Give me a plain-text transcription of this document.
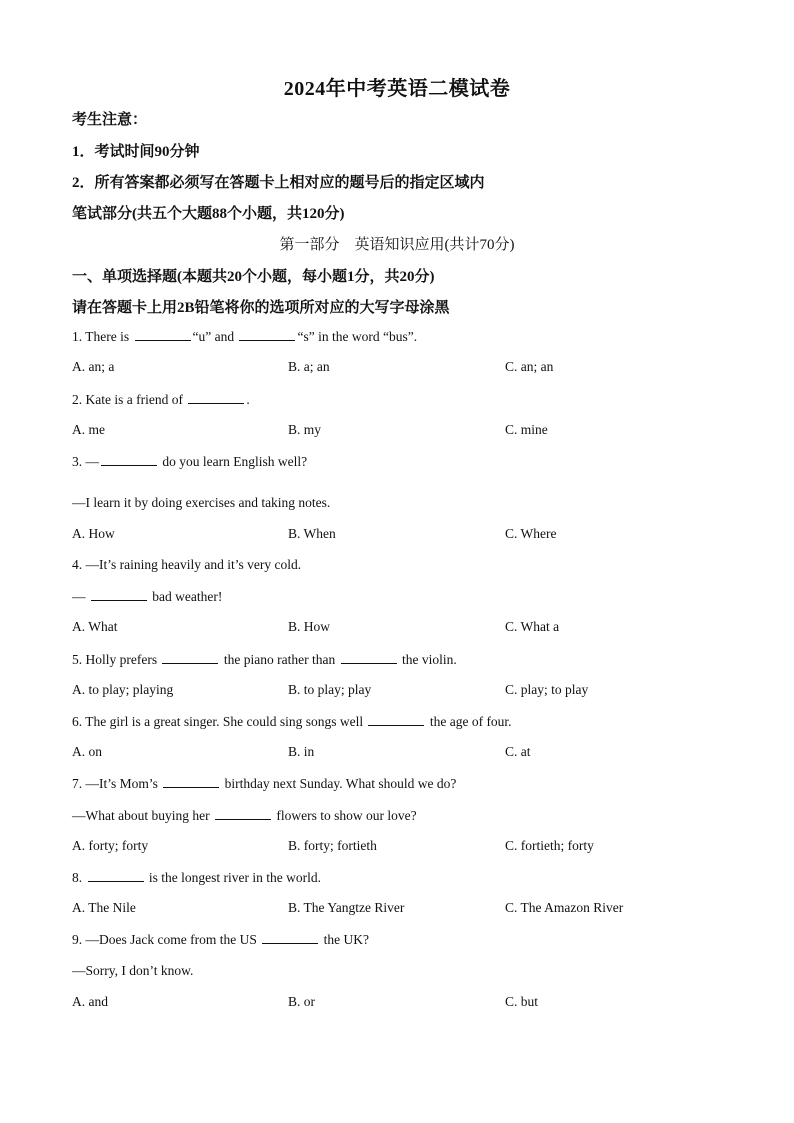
2024年中考英语二模试卷
考生注意：
1．考试时间90分钟
2．所有答案都必须写在答题卡上相对应的题号后的指定区域内
笔试部分(共五个大题88个小题，共120分)
第一部分　英语知识应用(共计70分)
一、单项选择题(本题共20个小题，每小题1分，共20分)
请在答题卡上用2B铅笔将你的选项所对应的大写字母涂黑
1. There is	“u” and	“s” in the word “bus”.
A. an; a	B. a; an	C. an; an
2. Kate is a friend of	.
A. me	B. my	C. mine
3. —	do you learn English well?
—I learn it by doing exercises and taking notes.
A. How	B. When	C. Where
4. —It’s raining heavily and it’s very cold.
—	bad weather!
A. What	B. How	C. What a
5. Holly prefers	the piano rather than	the violin.
A. to play; playing	B. to play; play	C. play; to play
6. The girl is a great singer. She could sing songs well	the age of four.
A. on	B. in	C. at
7. —It’s Mom’s	birthday next Sunday. What should we do?
—What about buying her	flowers to show our love?
A. forty; forty	B. forty; fortieth	C. fortieth; forty
8.	is the longest river in the world.
A. The Nile	B. The Yangtze River	C. The Amazon River
9. —Does Jack come from the US	the UK?
—Sorry, I don’t know.
A. and	B. or	C. but
